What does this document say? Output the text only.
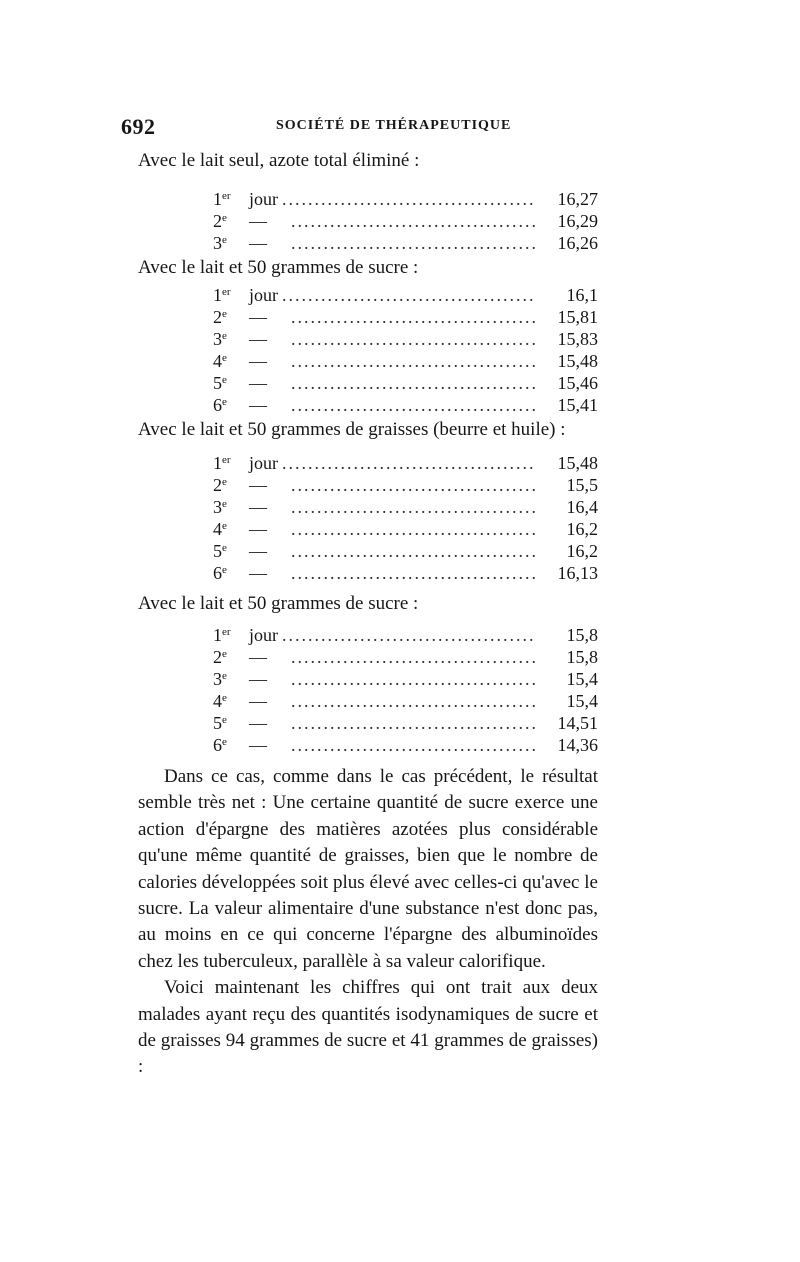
692	SOCIÉTÉ DE THÉRAPEUTIQUE
Avec le lait seul, azote total éliminé :
1er	jour .....	16,27
2e	— .....	16,29
3e	— .....	16,26
Avec le lait et 50 grammes de sucre :
1er	jour .....	16,1
2e	— .....	15,81
3e	— .....	15,83
4e	— .....	15,48
5e	— .....	15,46
6e	— .....	15,41
Avec le lait et 50 grammes de graisses (beurre et huile) :
1er	jour .....	15,48
2e	— .....	15,5
3e	— .....	16,4
4e	— .....	16,2
5e	— .....	16,2
6e	— .....	16,13
Avec le lait et 50 grammes de sucre :
1er	jour .....	15,8
2e	— .....	15,8
3e	— .....	15,4
4e	— .....	15,4
5e	— .....	14,51
6e	— .....	14,36

Dans ce cas, comme dans le cas précédent, le résultat semble très net : Une certaine quantité de sucre exerce une action d'épargne des matières azotées plus considérable qu'une même quantité de graisses, bien que le nombre de calories développées soit plus élevé avec celles-ci qu'avec le sucre. La valeur alimentaire d'une substance n'est donc pas, au moins en ce qui concerne l'épargne des albuminoïdes chez les tuberculeux, parallèle à sa valeur calorifique.

Voici maintenant les chiffres qui ont trait aux deux malades ayant reçu des quantités isodynamiques de sucre et de graisses 94 grammes de sucre et 41 grammes de graisses) :
